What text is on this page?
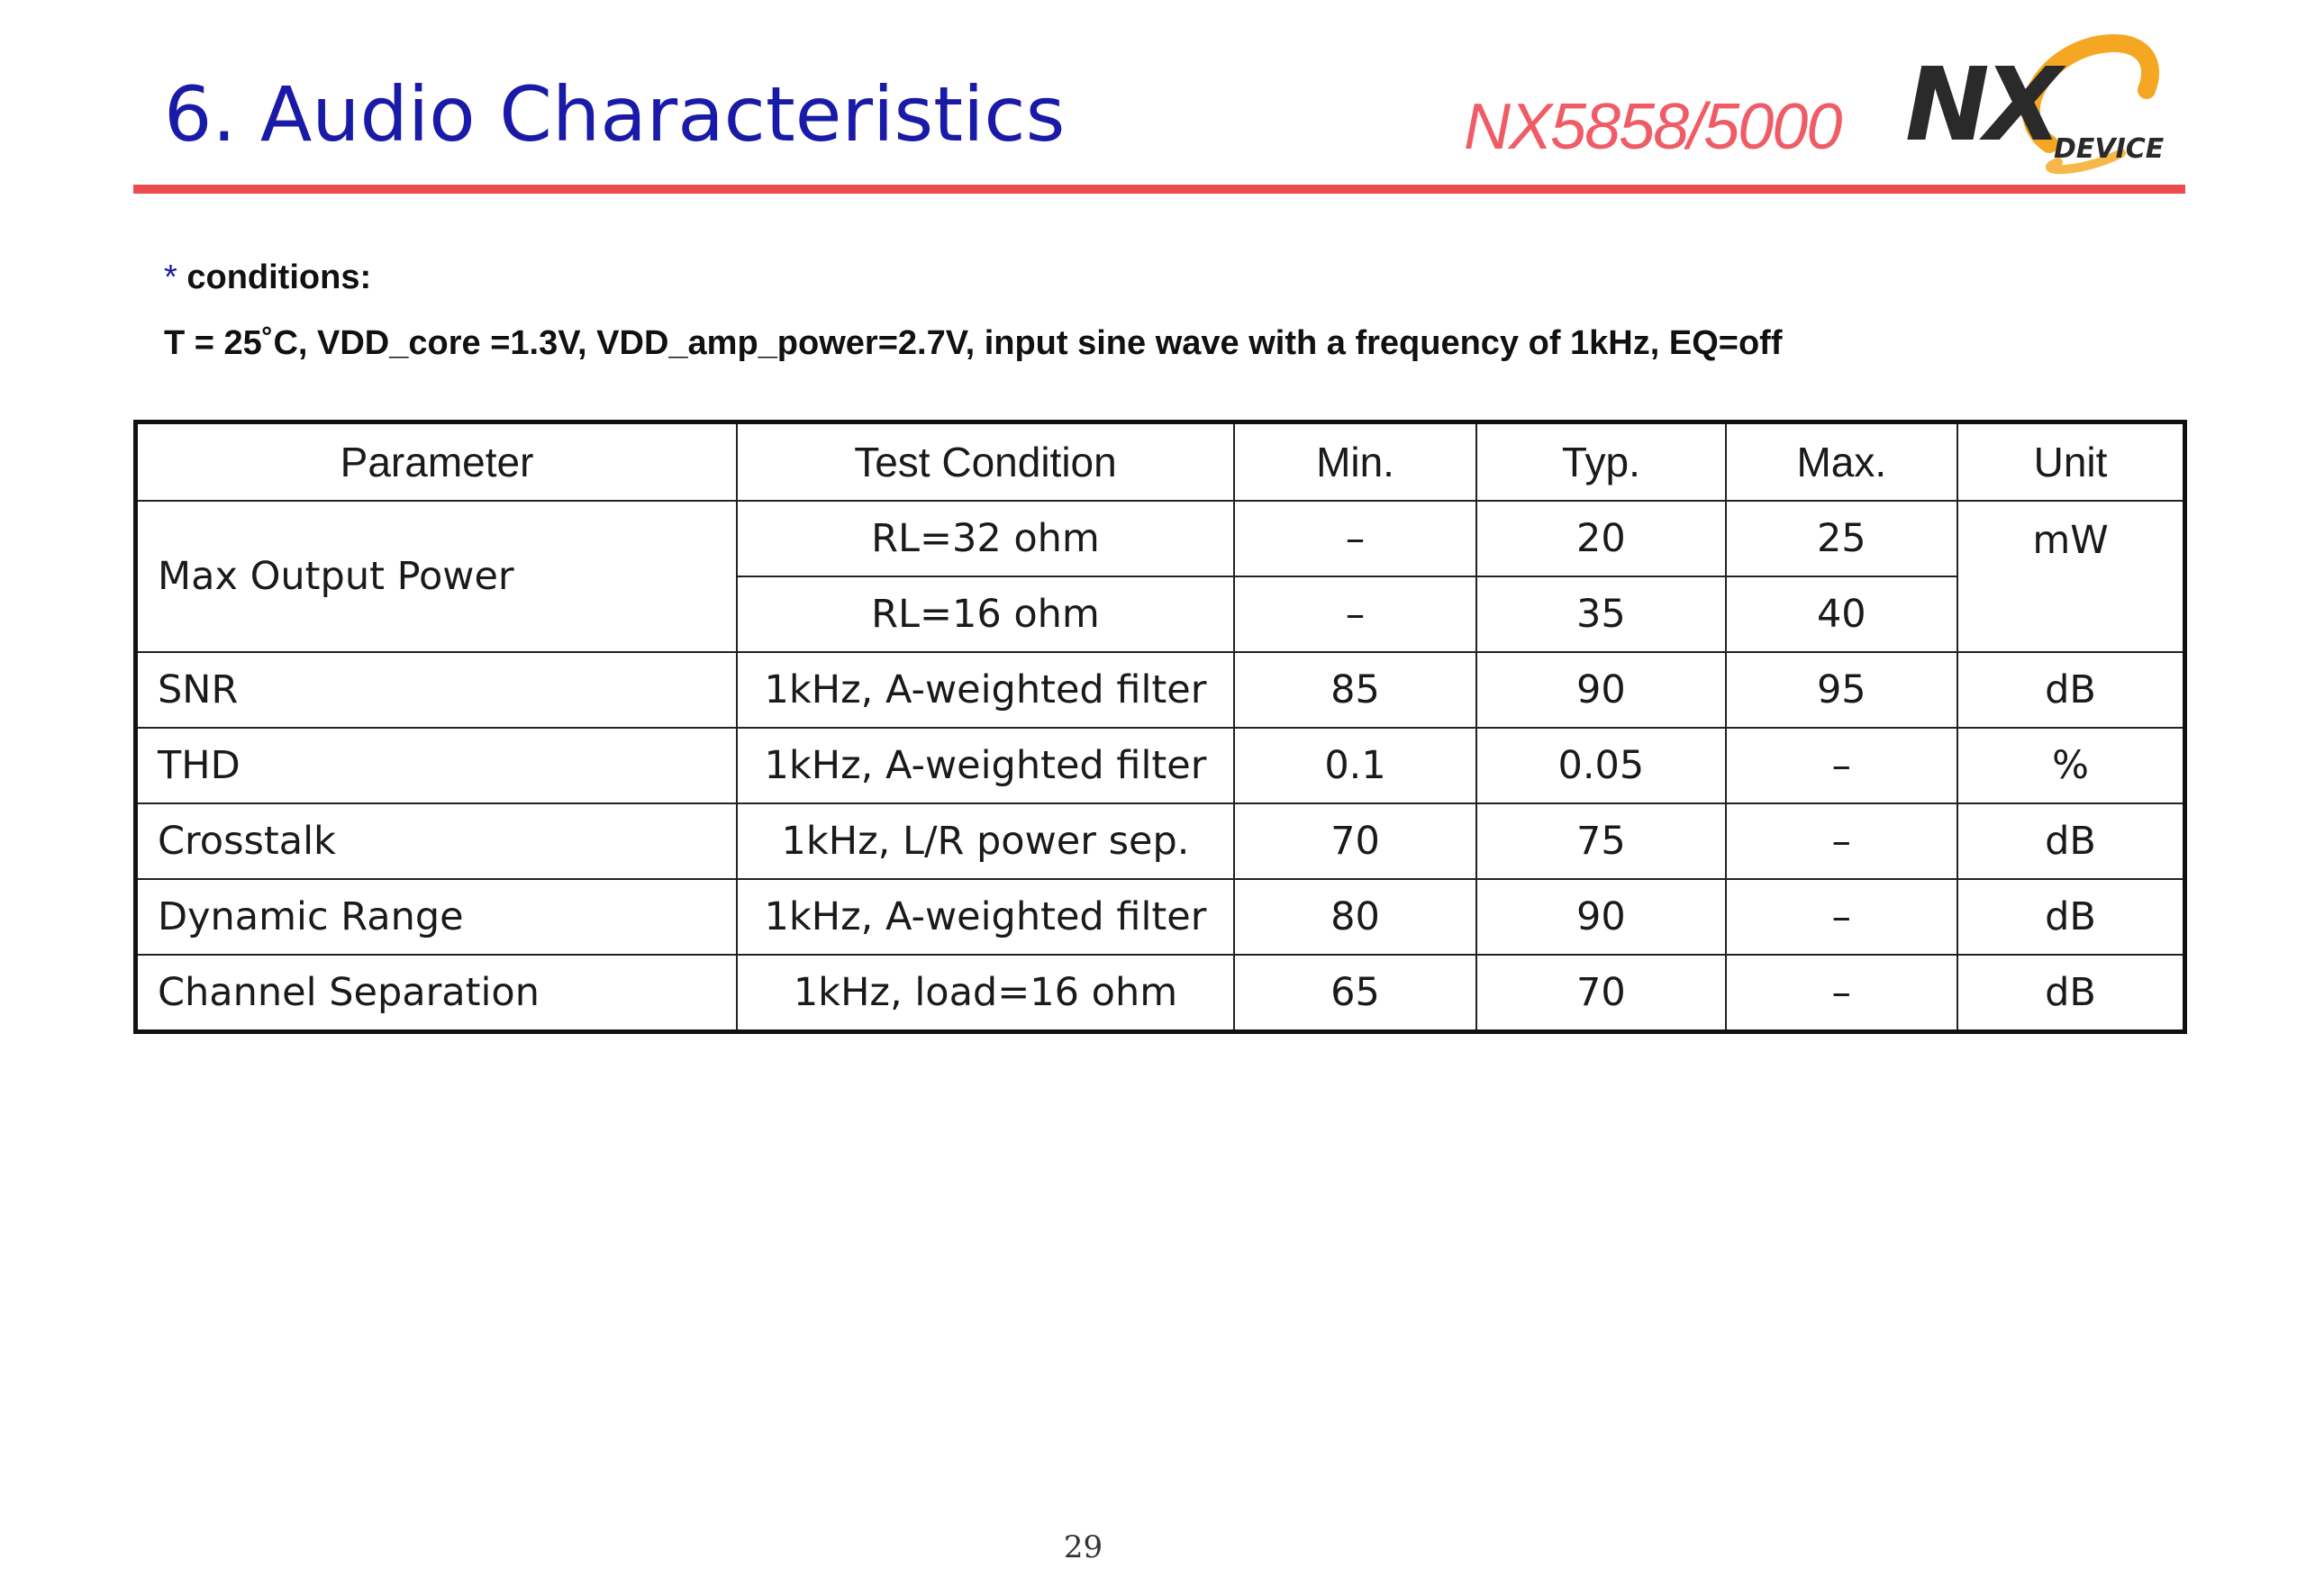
6. Audio Characteristics	NX5858/5000 NX
DEVICE
* conditions:
T = 25˚C, VDD_core =1.3V, VDD_amp_power=2.7V, input sine wave with a frequency of 1kHz, EQ=off
Parameter	Test Condition	Min.	Typ.	Max.	Unit
Max Output Power	RL=32 ohm	–	20	25	mW
	RL=16 ohm	–	35	40	
SNR	1kHz, A-weighted filter	85	90	95	dB
THD	1kHz, A-weighted filter	0.1	0.05	–	%
Crosstalk	1kHz, L/R power sep.	70	75	–	dB
Dynamic Range	1kHz, A-weighted filter	80	90	–	dB
Channel Separation	1kHz, load=16 ohm	65	70	–	dB
29
